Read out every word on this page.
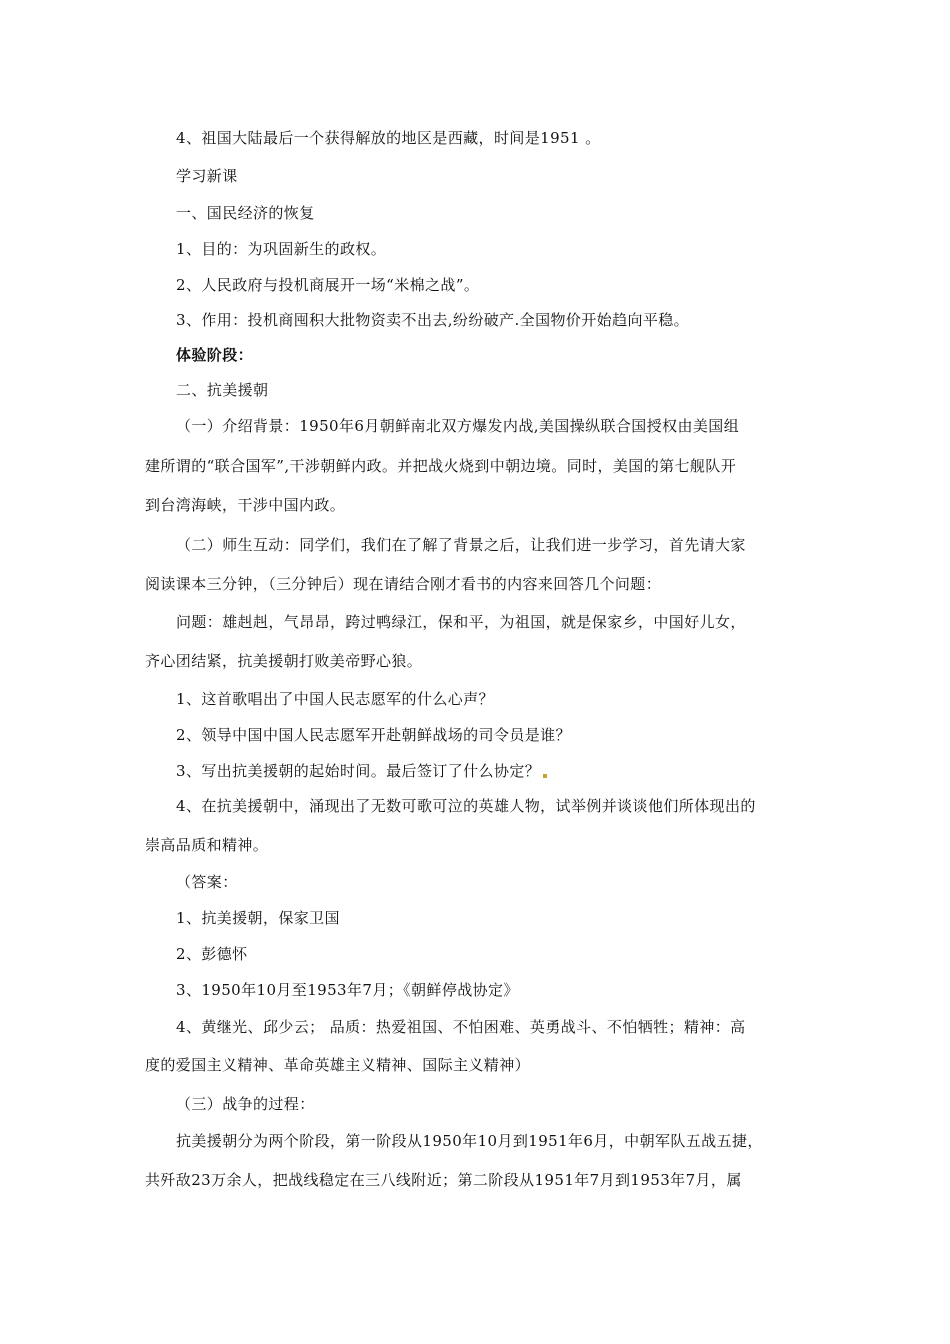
4、祖国大陆最后一个获得解放的地区是西藏，时间是1951 。
学习新课
一、国民经济的恢复
1、目的：为巩固新生的政权。
2、人民政府与投机商展开一场“米棉之战”。
3、作用：投机商囤积大批物资卖不出去,纷纷破产.全国物价开始趋向平稳。
体验阶段：
二、抗美援朝
（一）介绍背景：1950年6月朝鲜南北双方爆发内战,美国操纵联合国授权由美国组
建所谓的“联合国军”,干涉朝鲜内政。并把战火烧到中朝边境。同时，美国的第七舰队开
到台湾海峡，干涉中国内政。
（二）师生互动：同学们，我们在了解了背景之后，让我们进一步学习，首先请大家
阅读课本三分钟，（三分钟后）现在请结合刚才看书的内容来回答几个问题：
问题：雄赳赳，气昂昂，跨过鸭绿江，保和平，为祖国，就是保家乡，中国好儿女，
齐心团结紧，抗美援朝打败美帝野心狼。
1、这首歌唱出了中国人民志愿军的什么心声？
2、领导中国中国人民志愿军开赴朝鲜战场的司令员是谁？
3、写出抗美援朝的起始时间。最后签订了什么协定？
4、在抗美援朝中，涌现出了无数可歌可泣的英雄人物，试举例并谈谈他们所体现出的
崇高品质和精神。
（答案：
1、抗美援朝，保家卫国
2、彭德怀
3、1950年10月至1953年7月；《朝鲜停战协定》
4、黄继光、邱少云； 品质：热爱祖国、不怕困难、英勇战斗、不怕牺牲；精神：高
度的爱国主义精神、革命英雄主义精神、国际主义精神）
（三）战争的过程：
抗美援朝分为两个阶段，第一阶段从1950年10月到1951年6月，中朝军队五战五捷，
共歼敌23万余人，把战线稳定在三八线附近；第二阶段从1951年7月到1953年7月，属
